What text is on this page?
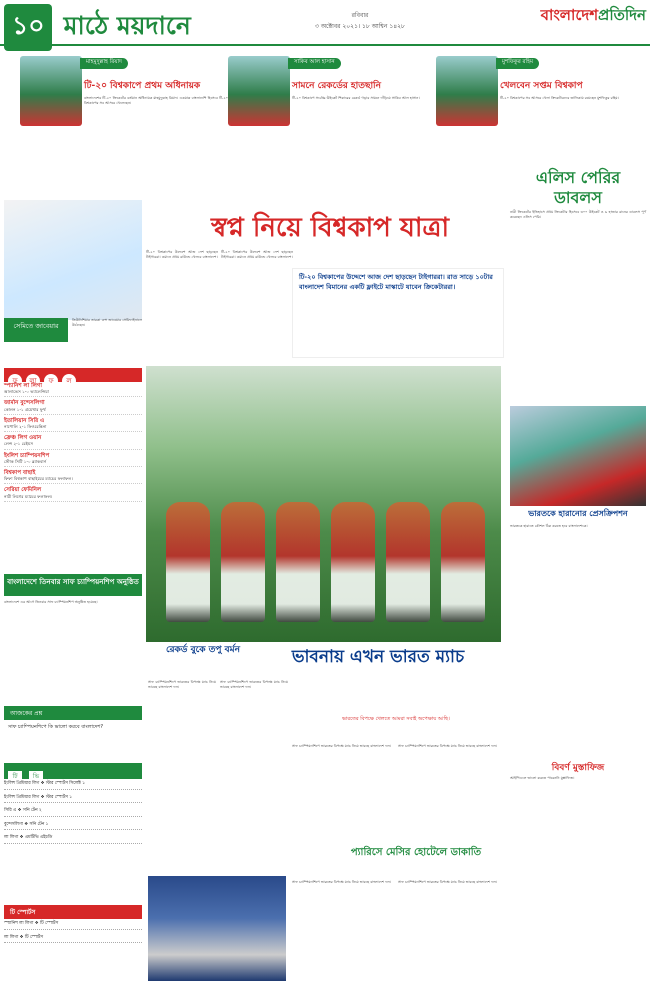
১০ মাঠে ময়দানে	রবিবার
৩ অক্টোবর ২০২১। ১৮ আশ্বিন ১৪২৮
বাংলাদেশপ্রতিদিন
মাহমুদুল্লাহ রিয়াদ
টি-২০ বিশ্বকাপে প্রথম অধিনায়ক
বাংলাদেশের টি-২০ ক্রিকেটের বর্তমান অধিনায়ক মাহমুদুল্লাহ রিয়াদ। একমাত্র বাংলাদেশি হিসেবে টি-২০ বিশ্বকাপের সব আসরে খেলেছেন।
সাকিব আল হাসান
সামনে রেকর্ডের হাতছানি
টি-২০ বিশ্বকাপে সর্বোচ্চ উইকেট শিকারের রেকর্ড গড়ার সামনে দাঁড়িয়ে সাকিব আল হাসান।
মুশফিকুর রহিম
খেলবেন সপ্তম বিশ্বকাপ
টি-২০ বিশ্বকাপের সব আসরে খেলা ক্রিকেটারদের তালিকায় রয়েছেন মুশফিকুর রহিম।
স্বপ্ন নিয়ে বিশ্বকাপ যাত্রা
টি-২০ বিশ্বকাপের উদ্দেশে আজ দেশ ছাড়ছেন টাইগাররা। ওমানে প্রথম রাউন্ডে খেলবে বাংলাদেশ।
টি-২০ বিশ্বকাপের উদ্দেশে আজ দেশ ছাড়ছেন টাইগাররা। ওমানে প্রথম রাউন্ডে খেলবে বাংলাদেশ।
টি-২০ বিশ্বকাপের উদ্দেশে আজ দেশ ছাড়ছেন টাইগাররা। রাত সাড়ে ১০টার বাংলাদেশ বিমানের একটি ফ্লাইটে মাস্কাটে যাবেন ক্রিকেটাররা।
সেমিতে জাবেয়ার
তিউনিশিয়ার তারকা ওন্স জাবেয়ার সেমিফাইনালে উঠেছেন।
ফ লা ফ ল
স্প্যানিশ লা লিগা
আলাভেস ১-০ ভ্যালেন্সিয়া
জার্মান বুন্দেসলিগা
কোলন ১-১ গ্রয়েথার ফুর্থ
ইতালিয়ান সিরি এ
নাপোলি ২-১ ফিওরেন্তিনা
ফ্রেঞ্চ লিগ ওয়ান
লেন্স ২-১ রেইমস
ইংলিশ চ্যাম্পিয়নশিপ
স্টোক সিটি ১-০ ব্ল্যাকবার্ন
বিশ্বকাপ বাছাই
ফিফা বিশ্বকাপ বাছাইয়ের ম্যাচের ফলাফল।
সেরিয়া ফেমিনিল
নারী লিগের ম্যাচের ফলাফল।
বাংলাদেশে তিনবার সাফ চ্যাম্পিয়নশিপ অনুষ্ঠিত
বাংলাদেশে এর আগে তিনবার সাফ চ্যাম্পিয়নশিপ অনুষ্ঠিত হয়েছে।
আজকের প্রশ্ন
সাফ চ্যাম্পিয়নশিপে কি ভালো করবে বাংলাদেশ?
টি	ভি
ইংলিশ প্রিমিয়ার লিগ ❖ স্টার স্পোর্টস সিলেক্ট ১
ইংলিশ প্রিমিয়ার লিগ ❖ স্টার স্পোর্টস ১
সিরি এ ❖ সনি টেন ২
বুন্দেসলিগা ❖ সনি টেন ১
লা লিগা ❖ এমটিভি এইচডি
টি স্পোর্টস
স্প্যানিশ লা লিগা ❖ টি স্পোর্টস
লা লিগা ❖ টি স্পোর্টস
এলিস পেরির ডাবলস
নারী ক্রিকেটের ইতিহাসে প্রথম ক্রিকেটার হিসেবে ৩০০ উইকেট ও ৬ হাজার রানের ডাবলস পূর্ণ করেছেন এলিস পেরি।
ভারতকে হারানোর প্রেসক্রিপশন
ভারতকে হারাতে কৌশল ঠিক করতে হবে বাংলাদেশকে।
বিবর্ণ মুস্তাফিজ
আইপিএলে ভালো করতে পারেননি মুস্তাফিজ।
রেকর্ড বুকে তপু বর্মন	ভাবনায় এখন ভারত ম্যাচ
ভারতের বিপক্ষে খেলতে আমরা সবাই অপেক্ষায় আছি।
সাফ চ্যাম্পিয়নশিপে ভারতের বিপক্ষে ম্যাচ নিয়ে ভাবছে বাংলাদেশ দল।
সাফ চ্যাম্পিয়নশিপে ভারতের বিপক্ষে ম্যাচ নিয়ে ভাবছে বাংলাদেশ দল।
সাফ চ্যাম্পিয়নশিপে ভারতের বিপক্ষে ম্যাচ নিয়ে ভাবছে বাংলাদেশ দল। সাফ চ্যাম্পিয়নশিপে ভারতের বিপক্ষে ম্যাচ নিয়ে ভাবছে বাংলাদেশ দল।
প্যারিসে মেসির হোটেলে ডাকাতি
সাফ চ্যাম্পিয়নশিপে ভারতের বিপক্ষে ম্যাচ নিয়ে ভাবছে বাংলাদেশ দল। সাফ চ্যাম্পিয়নশিপে ভারতের বিপক্ষে ম্যাচ নিয়ে ভাবছে বাংলাদেশ দল।
